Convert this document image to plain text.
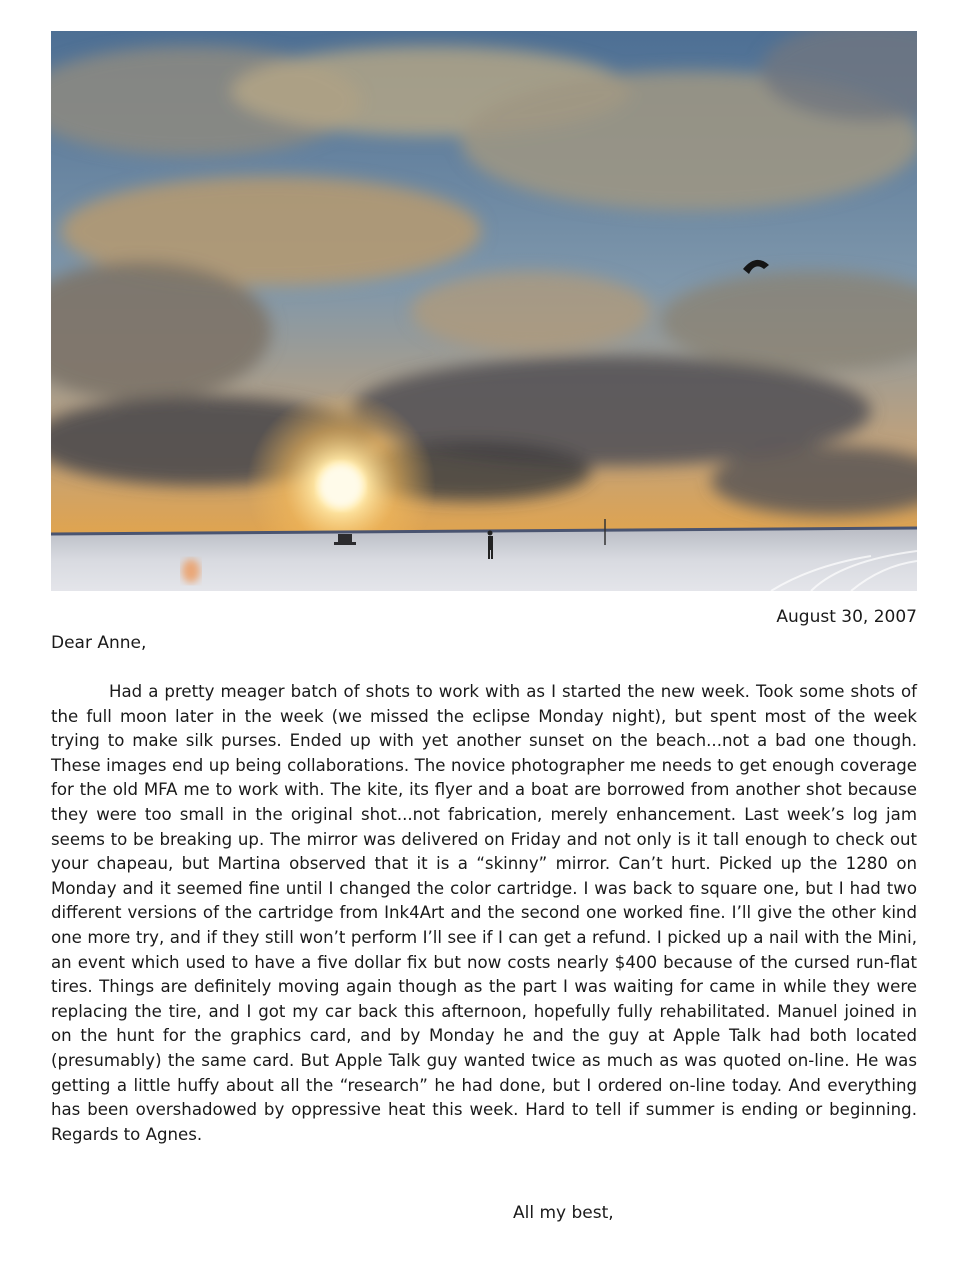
August 30, 2007

Dear Anne,

Had a pretty meager batch of shots to work with as I started the new week. Took some shots of the full moon later in the week (we missed the eclipse Monday night), but spent most of the week trying to make silk purses. Ended up with yet another sunset on the beach...not a bad one though. These images end up being collaborations. The novice photographer me needs to get enough coverage for the old MFA me to work with. The kite, its flyer and a boat are borrowed from another shot because they were too small in the original shot...not fabrication, merely enhancement. Last week’s log jam seems to be breaking up. The mirror was delivered on Friday and not only is it tall enough to check out your chapeau, but Martina observed that it is a “skinny” mirror. Can’t hurt. Picked up the 1280 on Monday and it seemed fine until I changed the color cartridge. I was back to square one, but I had two different versions of the cartridge from Ink4Art and the second one worked fine. I’ll give the other kind one more try, and if they still won’t perform I’ll see if I can get a refund. I picked up a nail with the Mini, an event which used to have a five dollar fix but now costs nearly $400 because of the cursed run-flat tires. Things are definitely moving again though as the part I was waiting for came in while they were replacing the tire, and I got my car back this afternoon, hopefully fully rehabilitated. Manuel joined in on the hunt for the graphics card, and by Monday he and the guy at Apple Talk had both located (presumably) the same card. But Apple Talk guy wanted twice as much as was quoted on-line. He was getting a little huffy about all the “research” he had done, but I ordered on-line today. And everything has been overshadowed by oppressive heat this week. Hard to tell if summer is ending or beginning. Regards to Agnes.

All my best,
